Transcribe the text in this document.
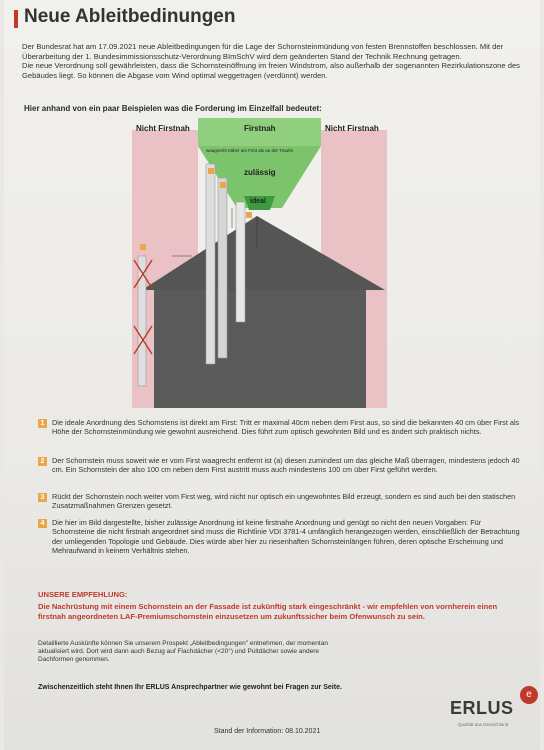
Neue Ableitbedinungen

Der Bundesrat hat am 17.09.2021 neue Ableitbedingungen für die Lage der Schornsteinmündung von festen Brennstoffen beschlossen. Mit der Überarbeitung der 1. Bundesimmissionsschutz-Verordnung BImSchV wird dem geänderten Stand der Technik Rechnung getragen.

Die neue Verordnung soll gewährleisten, dass die Schornsteinöffnung im freien Windstrom, also außerhalb der sogenannten Rezirkulationszone des Gebäudes liegt. So können die Abgase vom Wind optimal weggetragen (verdünnt) werden.

Hier anhand von ein paar Beispielen was die Forderung im Einzelfall bedeutet:
Nicht Firstnah	Firstnah	Nicht Firstnah
waagrecht näher am First als an der Traufe!
zulässig
ideal
1	Die ideale Anordnung des Schornstens ist direkt am First: Tritt er maximal 40cm neben dem First aus, so sind die bekannten 40 cm über First als Höhe der Schornsteinmündung wie gewohnt ausreichend. Dies führt zum optisch gewohnten Bild und es ändert sich praktisch nichts.
2	Der Schornstein muss soweit wie er vom First waagrecht entfernt ist (a) diesen zumindest um das gleiche Maß überragen, mindestens jedoch 40 cm. Ein Schornstein der also 100 cm neben dem First austritt muss auch mindestens 100 cm über First geführt werden.
3	Rückt der Schornstein noch weiter vom First weg, wird nicht nur optisch ein ungewohntes Bild erzeugt, sondern es sind auch bei den statischen Zusatzmaßnahmen Grenzen gesetzt.
4	Die hier im Bild dargestellte, bisher zulässige Anordnung ist keine firstnahe Anordnung und genügt so nicht den neuen Vorgaben: Für Schornsteine die nicht firstnah angeordnet sind muss die Richtlinie VDI 3781-4 umfänglich herangezogen werden, einschließlich der Betrachtung der umliegenden Topologie und Gebäude. Dies würde aber hier zu riesenhaften Schornsteinlängen führen, deren optische Erscheinung und Mehraufwand in keinem Verhältnis stehen.
UNSERE EMPFEHLUNG:
Die Nachrüstung mit einem Schornstein an der Fassade ist zukünftig stark eingeschränkt - wir empfehlen von vornherein einen firstnah angeordneten LAF-Premiumschornstein einzusetzen um zukunftssicher beim Ofenwunsch zu sein.
Detaillierte Auskünfte können Sie unserem Prospekt „Ableitbedingungen" entnehmen, der momentan aktualisiert wird. Dort wird dann auch Bezug auf Flachdächer (<20°) und Pultdächer sowie andere Dachformen genommen.
Zwischenzeitlich steht Ihnen Ihr ERLUS Ansprechpartner wie gewohnt bei Fragen zur Seite.
ERLUS
e
Qualität aus Deutschland
Stand der Information: 08.10.2021
